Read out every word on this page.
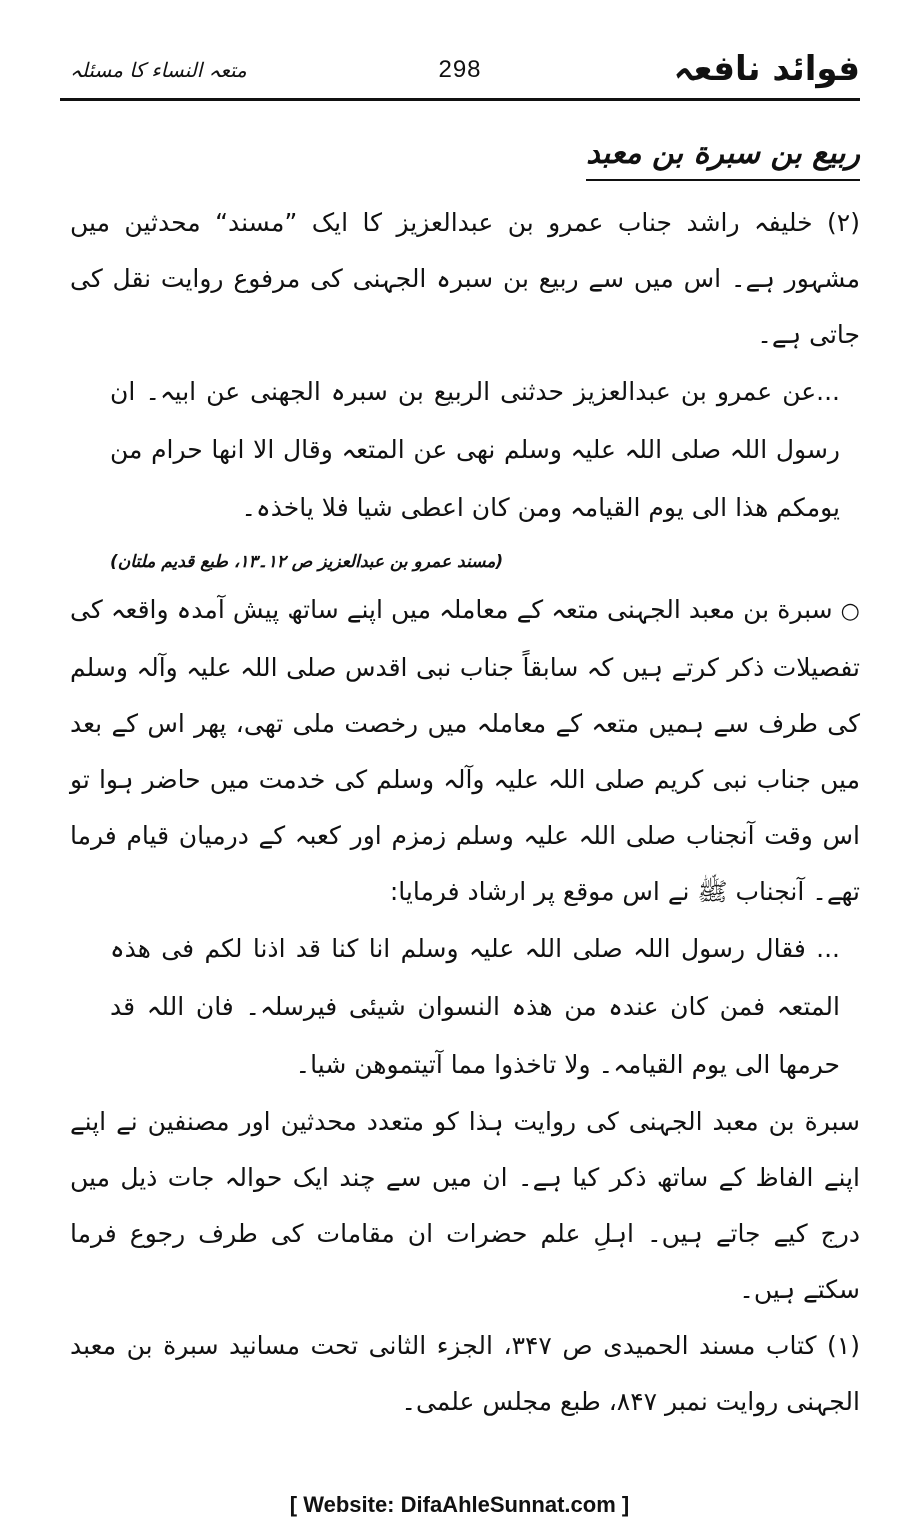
فوائد نافعہ
298
متعہ النساء کا مسئلہ
ربیع بن سبرة بن معبد

(۲) خلیفہ راشد جناب عمرو بن عبدالعزیز کا ایک ”مسند“ محدثین میں مشہور ہے۔ اس میں سے ربیع بن سبرہ الجہنی کی مرفوع روایت نقل کی جاتی ہے۔

...عن عمرو بن عبدالعزیز حدثنی الربیع بن سبرہ الجھنی عن ابیہ۔ ان رسول اللہ صلی اللہ علیہ وسلم نھی عن المتعہ وقال الا انھا حرام من یومکم ھذا الی یوم القیامہ ومن کان اعطی شیا فلا یاخذہ۔

(مسند عمرو بن عبدالعزیز ص ۱۲۔۱۳، طبع قدیم ملتان)

○سبرة بن معبد الجہنی متعہ کے معاملہ میں اپنے ساتھ پیش آمدہ واقعہ کی تفصیلات ذکر کرتے ہیں کہ سابقاً جناب نبی اقدس صلی اللہ علیہ وآلہ وسلم کی طرف سے ہمیں متعہ کے معاملہ میں رخصت ملی تھی، پھر اس کے بعد میں جناب نبی کریم صلی اللہ علیہ وآلہ وسلم کی خدمت میں حاضر ہوا تو اس وقت آنجناب صلی اللہ علیہ وسلم زمزم اور کعبہ کے درمیان قیام فرما تھے۔ آنجناب ﷺ نے اس موقع پر ارشاد فرمایا:

... فقال رسول اللہ صلی اللہ علیہ وسلم انا کنا قد اذنا لکم فی ھذہ المتعہ فمن کان عندہ من ھذہ النسوان شیئی فیرسلہ۔ فان اللہ قد حرمھا الی یوم القیامہ۔ ولا تاخذوا مما آتیتموھن شیا۔

سبرة بن معبد الجہنی کی روایت ہذا کو متعدد محدثین اور مصنفین نے اپنے اپنے الفاظ کے ساتھ ذکر کیا ہے۔ ان میں سے چند ایک حوالہ جات ذیل میں درج کیے جاتے ہیں۔ اہلِ علم حضرات ان مقامات کی طرف رجوع فرما سکتے ہیں۔

(۱) کتاب مسند الحمیدی ص ۳۴۷، الجزء الثانی تحت مسانید سبرة بن معبد الجہنی روایت نمبر ۸۴۷، طبع مجلس علمی۔

[ Website: DifaAhleSunnat.com ]
